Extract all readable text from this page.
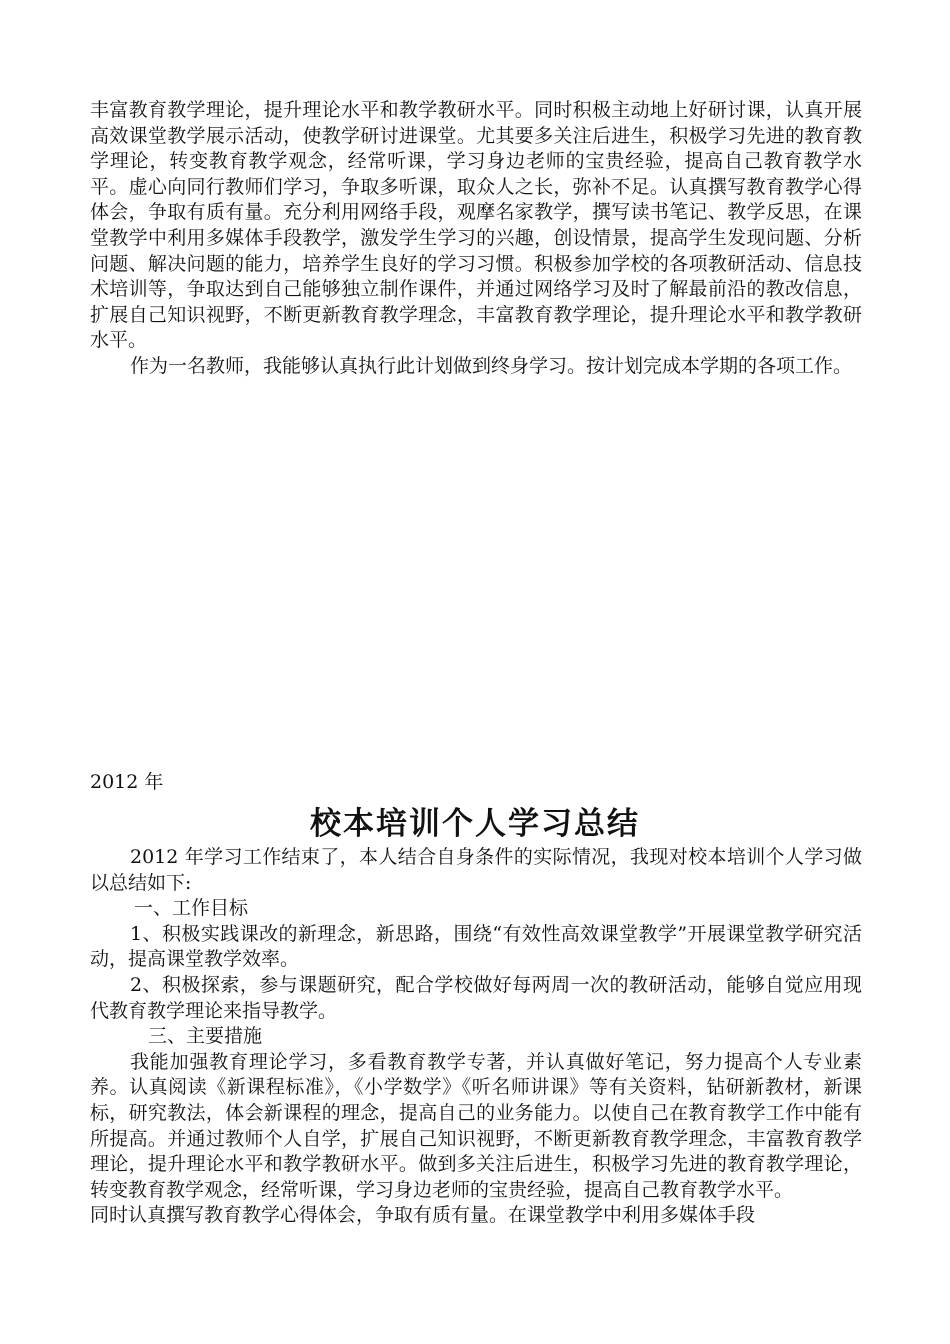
丰富教育教学理论，提升理论水平和教学教研水平。同时积极主动地上好研讨课，认真开展高效课堂教学展示活动，使教学研讨进课堂。尤其要多关注后进生，积极学习先进的教育教学理论，转变教育教学观念，经常听课，学习身边老师的宝贵经验，提高自己教育教学水平。虚心向同行教师们学习，争取多听课，取众人之长，弥补不足。认真撰写教育教学心得体会，争取有质有量。充分利用网络手段，观摩名家教学，撰写读书笔记、教学反思，在课堂教学中利用多媒体手段教学，激发学生学习的兴趣，创设情景，提高学生发现问题、分析问题、解决问题的能力，培养学生良好的学习习惯。积极参加学校的各项教研活动、信息技术培训等，争取达到自己能够独立制作课件，并通过网络学习及时了解最前沿的教改信息，扩展自己知识视野，不断更新教育教学理念，丰富教育教学理论，提升理论水平和教学教研水平。

作为一名教师，我能够认真执行此计划做到终身学习。按计划完成本学期的各项工作。

2012 年

校本培训个人学习总结

2012 年学习工作结束了，本人结合自身条件的实际情况，我现对校本培训个人学习做以总结如下:

一、工作目标

1、积极实践课改的新理念，新思路，围绕“有效性高效课堂教学”开展课堂教学研究活动，提高课堂教学效率。

2、积极探索，参与课题研究，配合学校做好每两周一次的教研活动，能够自觉应用现代教育教学理论来指导教学。

三、主要措施

我能加强教育理论学习，多看教育教学专著，并认真做好笔记，努力提高个人专业素养。认真阅读《新课程标准》，《小学数学》《听名师讲课》等有关资料，钻研新教材，新课标，研究教法，体会新课程的理念，提高自己的业务能力。以使自己在教育教学工作中能有所提高。并通过教师个人自学，扩展自己知识视野，不断更新教育教学理念，丰富教育教学理论，提升理论水平和教学教研水平。做到多关注后进生，积极学习先进的教育教学理论，转变教育教学观念，经常听课，学习身边老师的宝贵经验，提高自己教育教学水平。

同时认真撰写教育教学心得体会，争取有质有量。在课堂教学中利用多媒体手段
